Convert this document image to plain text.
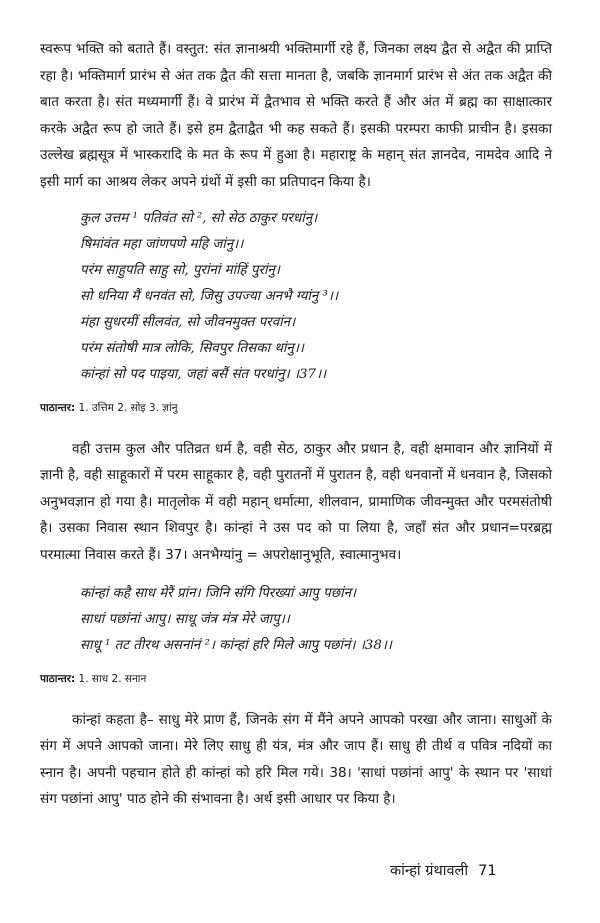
स्वरूप भक्ति को बताते हैं। वस्तुत: संत ज्ञानाश्रयी भक्तिमार्गी रहे हैं, जिनका लक्ष्य द्वैत से अद्वैत की प्राप्ति रहा है। भक्तिमार्ग प्रारंभ से अंत तक द्वैत की सत्ता मानता है, जबकि ज्ञानमार्ग प्रारंभ से अंत तक अद्वैत की बात करता है। संत मध्यमार्गी हैं। वे प्रारंभ में द्वैतभाव से भक्ति करते हैं और अंत में ब्रह्म का साक्षात्कार करके अद्वैत रूप हो जाते हैं। इसे हम द्वैताद्वैत भी कह सकते हैं। इसकी परम्परा काफी प्राचीन है। इसका उल्लेख ब्रह्मसूत्र में भास्करादि के मत के रूप में हुआ है। महाराष्ट्र के महान् संत ज्ञानदेव, नामदेव आदि ने इसी मार्ग का आश्रय लेकर अपने ग्रंथों में इसी का प्रतिपादन किया है।

कुल उत्तम ¹ पतिवंत सो ², सो सेठ ठाकुर परधांनु।
षिमांवंत महा जांणपणे महि जांनु।।
परंम साहुपति साहु सो, पुरांनां मांहिं पुरांनु।
सो धनिया मैं धनवंत सो, जिसु उपज्या अनभै ग्यांनु ³।।
मंहा सुधरमीं सीलवंत, सो जीवनमुक्त परवांन।
परंम संतोषी मात्र लोकि, सिवपुर तिसका थांनु।।
कांन्हां सो पद पाइया, जहां बसैं संत परधांनु। ।37।।
पाठान्तर: 1. उत्तिम 2. सोइ 3. ज्ञांनु

वही उत्तम कुल और पतिव्रत धर्म है, वही सेठ, ठाकुर और प्रधान है, वही क्षमावान और ज्ञानियों में ज्ञानी है, वही साहूकारों में परम साहूकार है, वही पुरातनों में पुरातन है, वही धनवानों में धनवान है, जिसको अनुभवज्ञान हो गया है। मातृलोक में वही महान् धर्मात्मा, शीलवान, प्रामाणिक जीवन्मुक्त और परमसंतोषी है। उसका निवास स्थान शिवपुर है। कांन्हां ने उस पद को पा लिया है, जहाँ संत और प्रधान=परब्रह्म परमात्मा निवास करते हैं। 37। अनभैग्यांनु = अपरोक्षानुभूति, स्वात्मानुभव।

कांन्हां कहै साध मेरैं प्रांन। जिनि संगि पिरख्यां आपु पछांन।
साधां पछांनां आपु। साधू जंत्र मंत्र मेरे जापु।।
साधू ¹ तट तीरथ असनांनं ²। कांन्हां हरि मिले आपु पछांनं। ।38।।
पाठान्तर: 1. साध 2. सनान

कांन्हां कहता है– साधु मेरे प्राण हैं, जिनके संग में मैंने अपने आपको परखा और जाना। साधुओं के संग में अपने आपको जाना। मेरे लिए साधु ही यंत्र, मंत्र और जाप हैं। साधु ही तीर्थ व पवित्र नदियों का स्नान है। अपनी पहचान होते ही कांन्हां को हरि मिल गये। 38। 'साधां पछांनां आपु' के स्थान पर 'साधां संग पछांनां आपु' पाठ होने की संभावना है। अर्थ इसी आधार पर किया है।

कांन्हां ग्रंथावली 71
